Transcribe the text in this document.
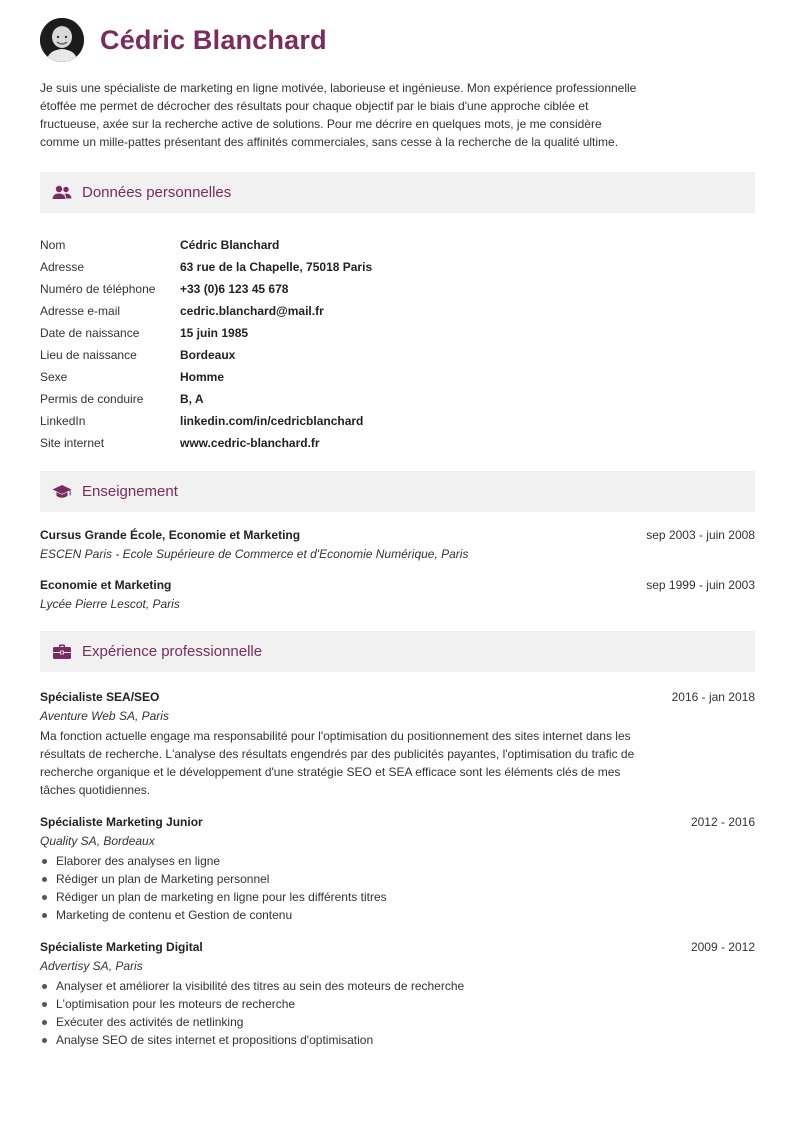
Cédric Blanchard
Je suis une spécialiste de marketing en ligne motivée, laborieuse et ingénieuse. Mon expérience professionnelle étoffée me permet de décrocher des résultats pour chaque objectif par le biais d'une approche ciblée et fructueuse, axée sur la recherche active de solutions. Pour me décrire en quelques mots, je me considère comme un mille-pattes présentant des affinités commerciales, sans cesse à la recherche de la qualité ultime.
Données personnelles
Nom	Cédric Blanchard
Adresse	63 rue de la Chapelle, 75018 Paris
Numéro de téléphone	+33 (0)6 123 45 678
Adresse e-mail	cedric.blanchard@mail.fr
Date de naissance	15 juin 1985
Lieu de naissance	Bordeaux
Sexe	Homme
Permis de conduire	B, A
LinkedIn	linkedin.com/in/cedricblanchard
Site internet	www.cedric-blanchard.fr
Enseignement
Cursus Grande École, Economie et Marketing	sep 2003 - juin 2008
ESCEN Paris - Ecole Supérieure de Commerce et d'Economie Numérique, Paris
Economie et Marketing	sep 1999 - juin 2003
Lycée Pierre Lescot, Paris
Expérience professionnelle
Spécialiste SEA/SEO	2016 - jan 2018
Aventure Web SA, Paris
Ma fonction actuelle engage ma responsabilité pour l'optimisation du positionnement des sites internet dans les résultats de recherche. L'analyse des résultats engendrés par des publicités payantes, l'optimisation du trafic de recherche organique et le développement d'une stratégie SEO et SEA efficace sont les éléments clés de mes tâches quotidiennes.
Spécialiste Marketing Junior	2012 - 2016
Quality SA, Bordeaux
Elaborer des analyses en ligne
Rédiger un plan de Marketing personnel
Rédiger un plan de marketing en ligne pour les différents titres
Marketing de contenu et Gestion de contenu
Spécialiste Marketing Digital	2009 - 2012
Advertisy SA, Paris
Analyser et améliorer la visibilité des titres au sein des moteurs de recherche
L'optimisation pour les moteurs de recherche
Exécuter des activités de netlinking
Analyse SEO de sites internet et propositions d'optimisation
